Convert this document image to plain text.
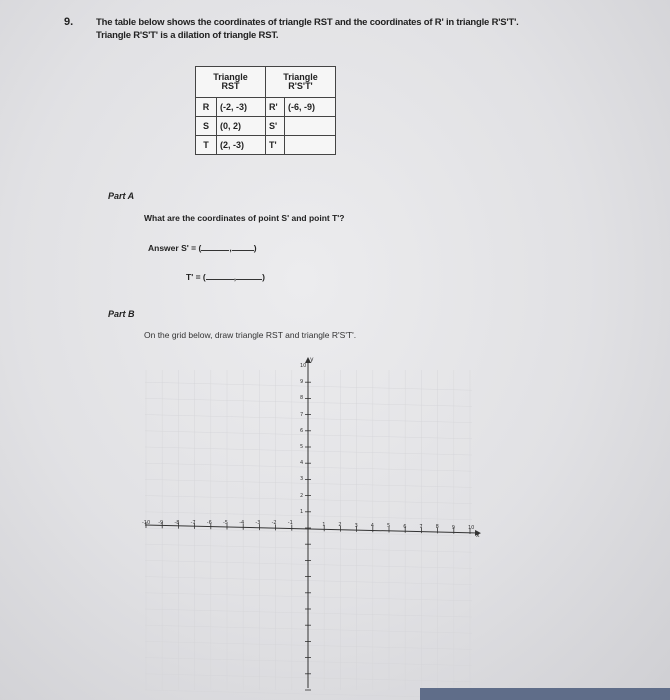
9. The table below shows the coordinates of triangle RST and the coordinates of R' in triangle R'S'T'. Triangle R'S'T' is a dilation of triangle RST.
Triangle
RST		Triangle
R'S'T'	
R	(-2, -3)	R'	(-6, -9)
S	(0, 2)	S'	
T	(2, -3)	T'	
Part A
What are the coordinates of point S' and point T'?
Answer S' = (	,	)
T' = (	,	)
Part B
On the grid below, draw triangle RST and triangle R'S'T'.
y
x
10
9
8
7
6
5
4
3
2
1
-10 -9 -8 -7 -6 -5 -4 -3 -2 -1	1	2	3	4	5	6	7	8	9	10
